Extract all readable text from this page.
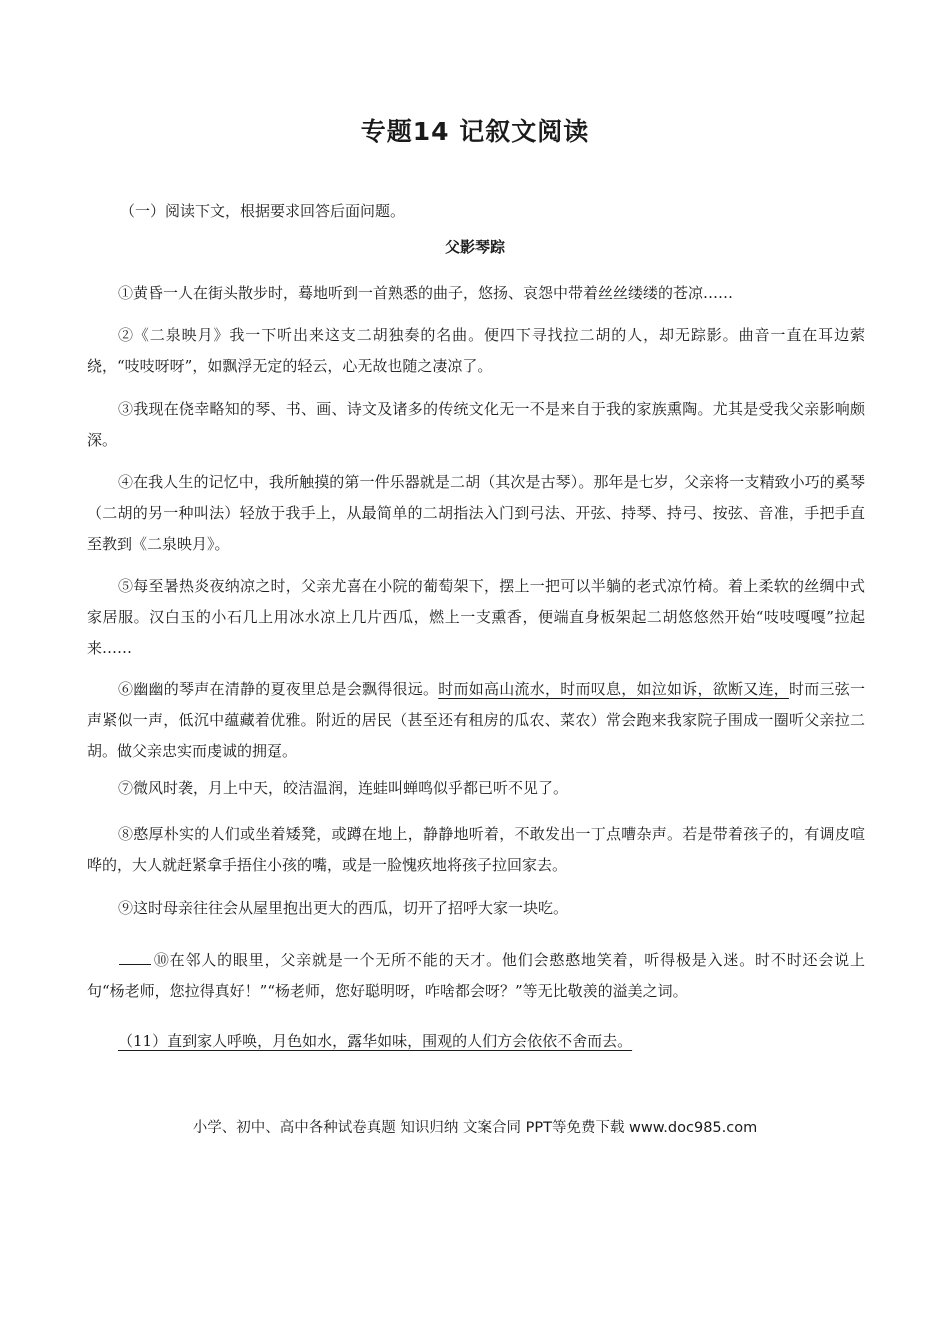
专题14 记叙文阅读

（一）阅读下文，根据要求回答后面问题。

父影琴踪

①黄昏一人在街头散步时，蓦地听到一首熟悉的曲子，悠扬、哀怨中带着丝丝缕缕的苍凉……

②《二泉映月》我一下听出来这支二胡独奏的名曲。便四下寻找拉二胡的人，却无踪影。曲音一直在耳边萦绕，“吱吱呀呀”，如飘浮无定的轻云，心无故也随之凄凉了。

③我现在侥幸略知的琴、书、画、诗文及诸多的传统文化无一不是来自于我的家族熏陶。尤其是受我父亲影响颇深。

④在我人生的记忆中，我所触摸的第一件乐器就是二胡（其次是古琴）。那年是七岁，父亲将一支精致小巧的奚琴（二胡的另一种叫法）轻放于我手上，从最简单的二胡指法入门到弓法、开弦、持琴、持弓、按弦、音准，手把手直至教到《二泉映月》。

⑤每至暑热炎夜纳凉之时，父亲尤喜在小院的葡萄架下，摆上一把可以半躺的老式凉竹椅。着上柔软的丝绸中式家居服。汉白玉的小石几上用冰水凉上几片西瓜，燃上一支熏香，便端直身板架起二胡悠悠然开始“吱吱嘎嘎”拉起来……

⑥幽幽的琴声在清静的夏夜里总是会飘得很远。时而如高山流水，时而叹息，如泣如诉，欲断又连，时而三弦一声紧似一声，低沉中蕴藏着优雅。附近的居民（甚至还有租房的瓜农、菜农）常会跑来我家院子围成一圈听父亲拉二胡。做父亲忠实而虔诚的拥趸。

⑦微风时袭，月上中天，皎洁温润，连蛙叫蝉鸣似乎都已听不见了。

⑧憨厚朴实的人们或坐着矮凳，或蹲在地上，静静地听着，不敢发出一丁点嘈杂声。若是带着孩子的，有调皮喧哗的，大人就赶紧拿手捂住小孩的嘴，或是一脸愧疚地将孩子拉回家去。

⑨这时母亲往往会从屋里抱出更大的西瓜，切开了招呼大家一块吃。

⑩在邻人的眼里，父亲就是一个无所不能的天才。他们会憨憨地笑着，听得极是入迷。时不时还会说上句“杨老师，您拉得真好！”“杨老师，您好聪明呀，咋啥都会呀？”等无比敬羡的溢美之词。

（11）直到家人呼唤，月色如水，露华如味，围观的人们方会依依不舍而去。

小学、初中、高中各种试卷真题 知识归纳 文案合同 PPT等免费下载 www.doc985.com
